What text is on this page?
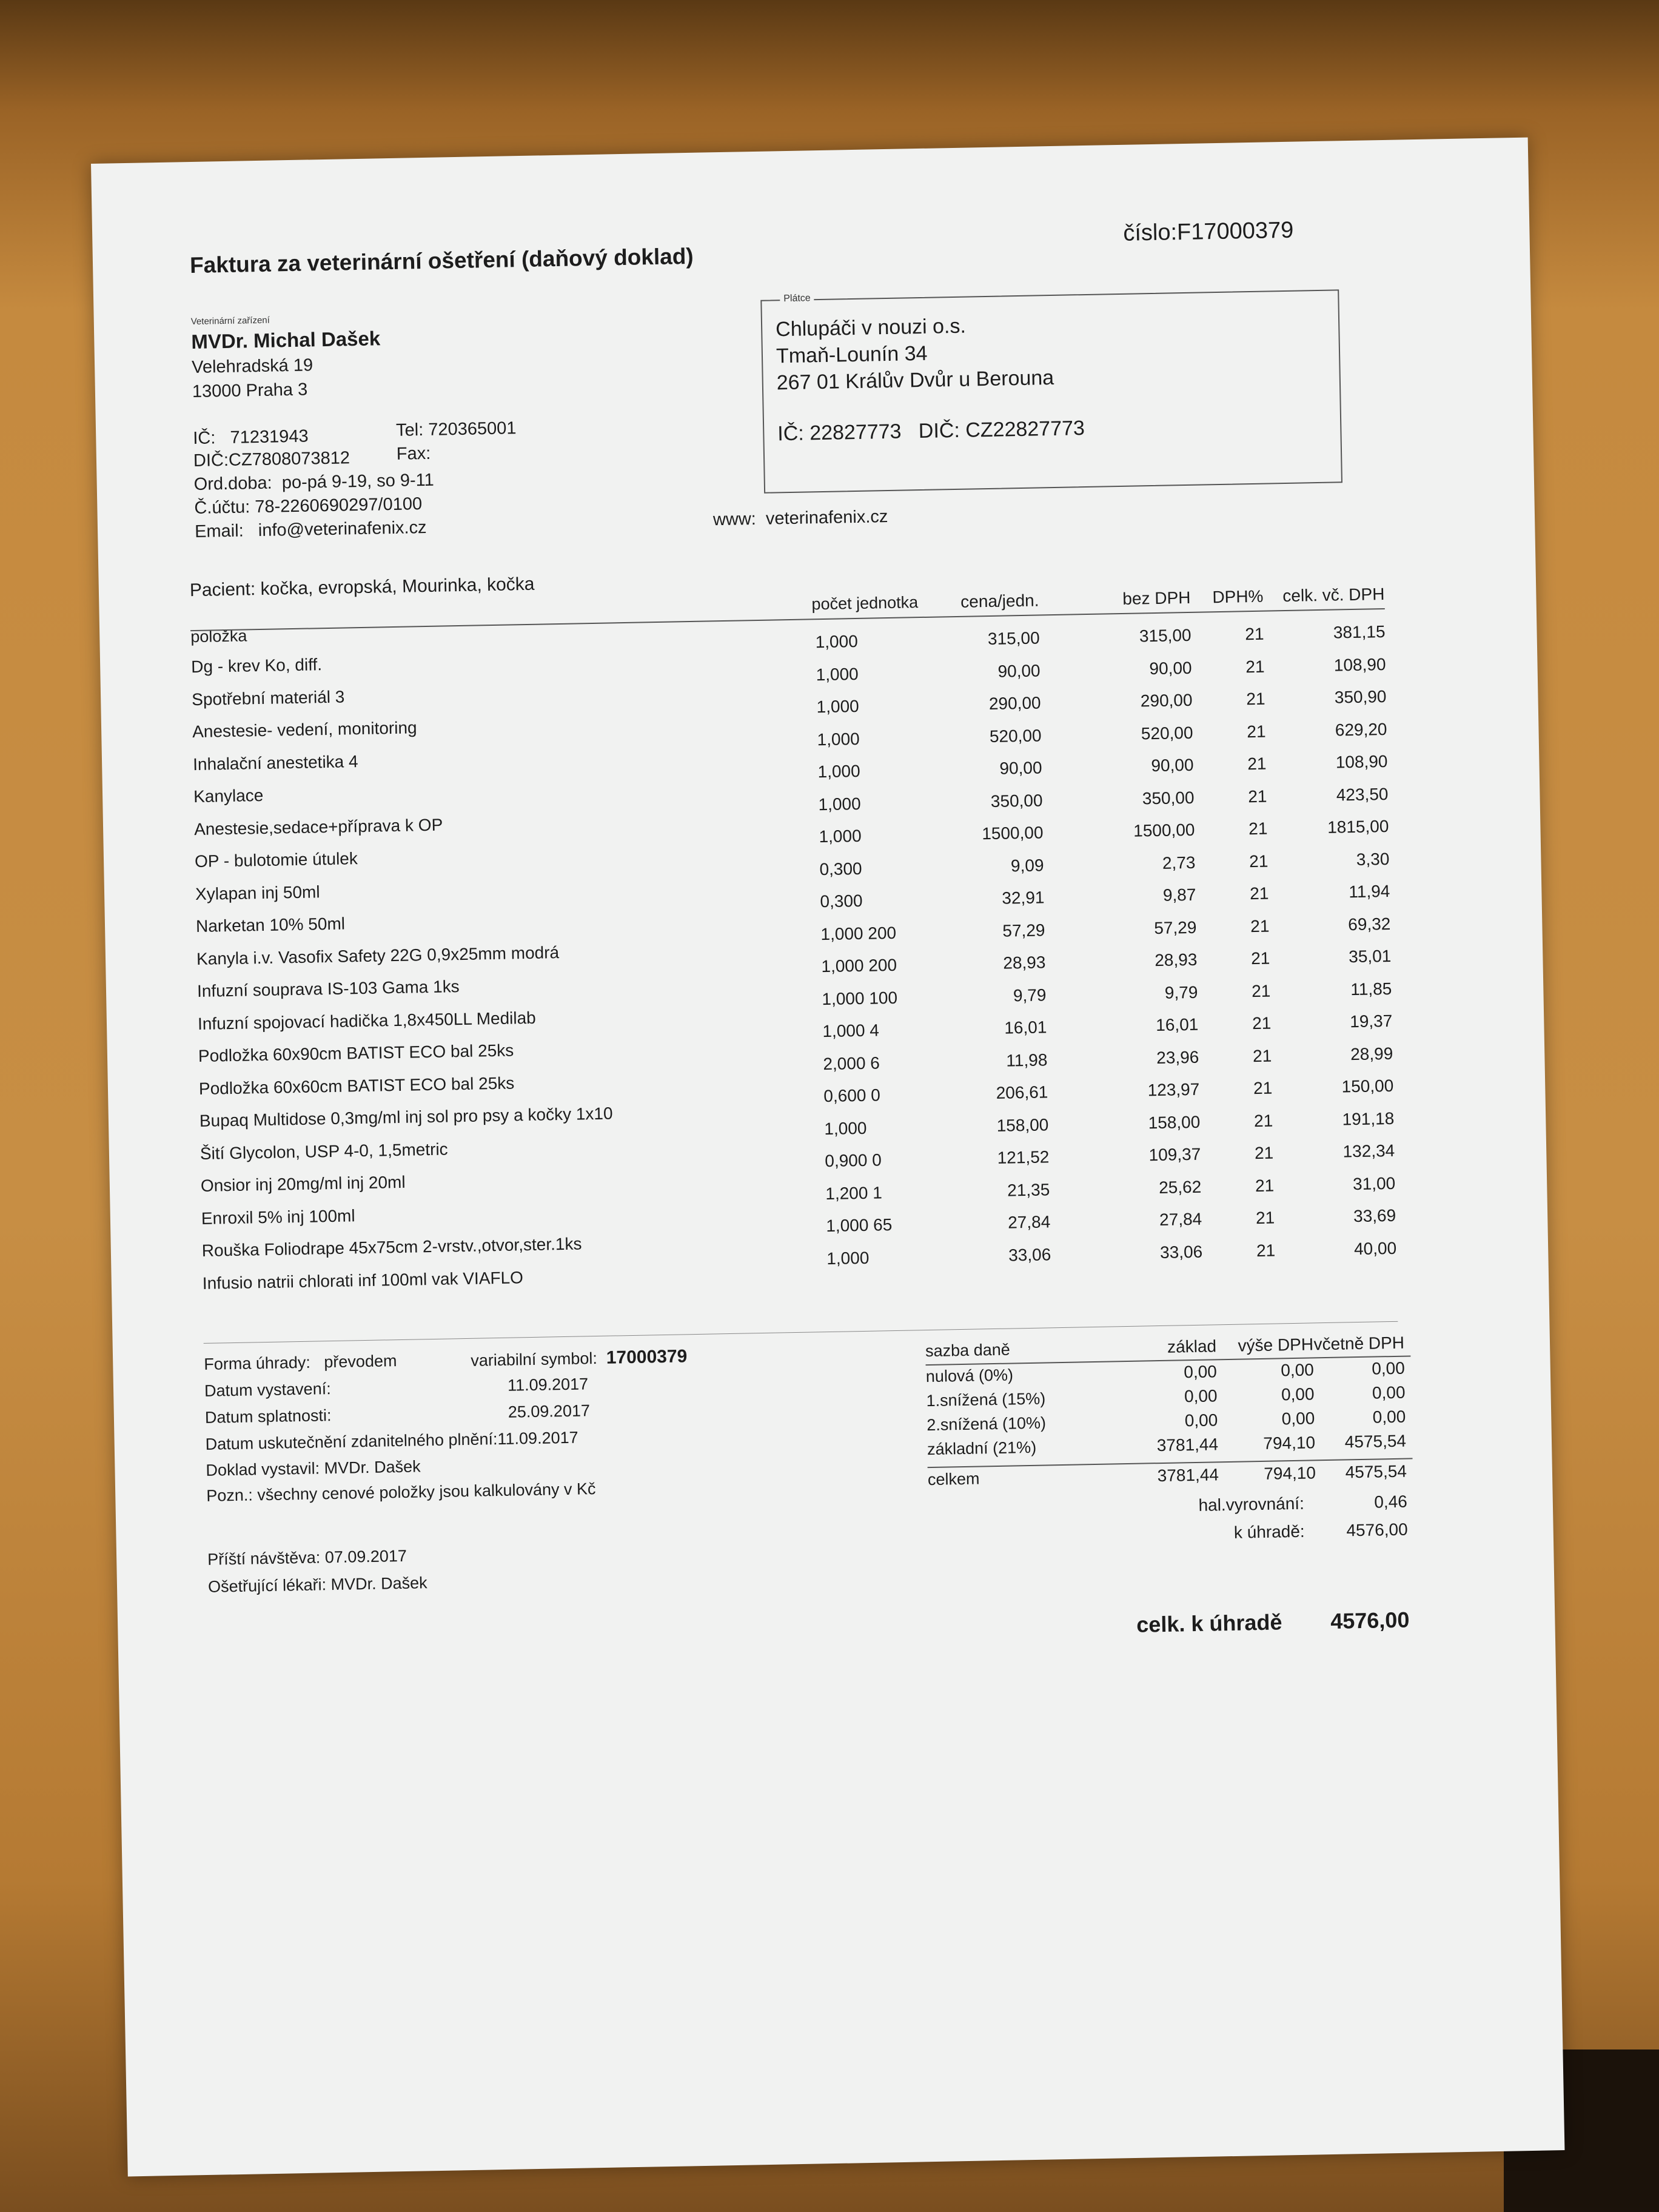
Faktura za veterinární ošetření (daňový doklad)
číslo:F17000379
Veterinární zařízení
MVDr. Michal Dašek
Velehradská 19
13000 Praha 3
IČ: 71231943	Tel: 720365001
DIČ:CZ7808073812	Fax:
Ord.doba: po-pá 9-19, so 9-11
Č.účtu: 78-2260690297/0100
Email: info@veterinafenix.cz	www: veterinafenix.cz
Plátce
Chlupáči v nouzi o.s.
Tmaň-Lounín 34
267 01 Králův Dvůr u Berouna
IČ: 22827773 DIČ: CZ22827773
Pacient: kočka, evropská, Mourinka, kočka
položka
počet jednotka	cena/jedn.	bez DPH	DPH%	celk. vč. DPH
Dg - krev Ko, diff.
1,000	315,00	315,00	21	381,15
Spotřební materiál 3
1,000	90,00	90,00	21	108,90
Anestesie- vedení, monitoring
1,000	290,00	290,00	21	350,90
Inhalační anestetika 4
1,000	520,00	520,00	21	629,20
Kanylace
1,000	90,00	90,00	21	108,90
Anestesie,sedace+příprava k OP
1,000	350,00	350,00	21	423,50
OP - bulotomie útulek
1,000	1500,00	1500,00	21	1815,00
Xylapan inj 50ml
0,300	9,09	2,73	21	3,30
Narketan 10% 50ml
0,300	32,91	9,87	21	11,94
Kanyla i.v. Vasofix Safety 22G 0,9x25mm modrá
1,000 200	57,29	57,29	21	69,32
Infuzní souprava IS-103 Gama 1ks
1,000 200	28,93	28,93	21	35,01
Infuzní spojovací hadička 1,8x450LL Medilab
1,000 100	9,79	9,79	21	11,85
Podložka 60x90cm BATIST ECO bal 25ks
1,000 4	16,01	16,01	21	19,37
Podložka 60x60cm BATIST ECO bal 25ks
2,000 6	11,98	23,96	21	28,99
Bupaq Multidose 0,3mg/ml inj sol pro psy a kočky 1x10
0,600 0	206,61	123,97	21	150,00
Šití Glycolon, USP 4-0, 1,5metric
1,000	158,00	158,00	21	191,18
Onsior inj 20mg/ml inj 20ml
0,900 0	121,52	109,37	21	132,34
Enroxil 5% inj 100ml
1,200 1	21,35	25,62	21	31,00
Rouška Foliodrape 45x75cm 2-vrstv.,otvor,ster.1ks
1,000 65	27,84	27,84	21	33,69
Infusio natrii chlorati inf 100ml vak VIAFLO
1,000	33,06	33,06	21	40,00
Forma úhrady: převodem	variabilní symbol: 17000379
Datum vystavení:	11.09.2017
Datum splatnosti:	25.09.2017
Datum uskutečnění zdanitelného plnění:11.09.2017
Doklad vystavil: MVDr. Dašek
Pozn.: všechny cenové položky jsou kalkulovány v Kč
Příští návštěva: 07.09.2017
Ošetřující lékaři: MVDr. Dašek
sazba daně	základ	výše DPH včetně DPH
nulová (0%)	0,00	0,00	0,00
1.snížená (15%)	0,00	0,00	0,00
2.snížená (10%)	0,00	0,00	0,00
základní (21%)	3781,44	794,10	4575,54
celkem	3781,44	794,10	4575,54
hal.vyrovnání:	0,46
k úhradě:	4576,00
celk. k úhradě	4576,00
